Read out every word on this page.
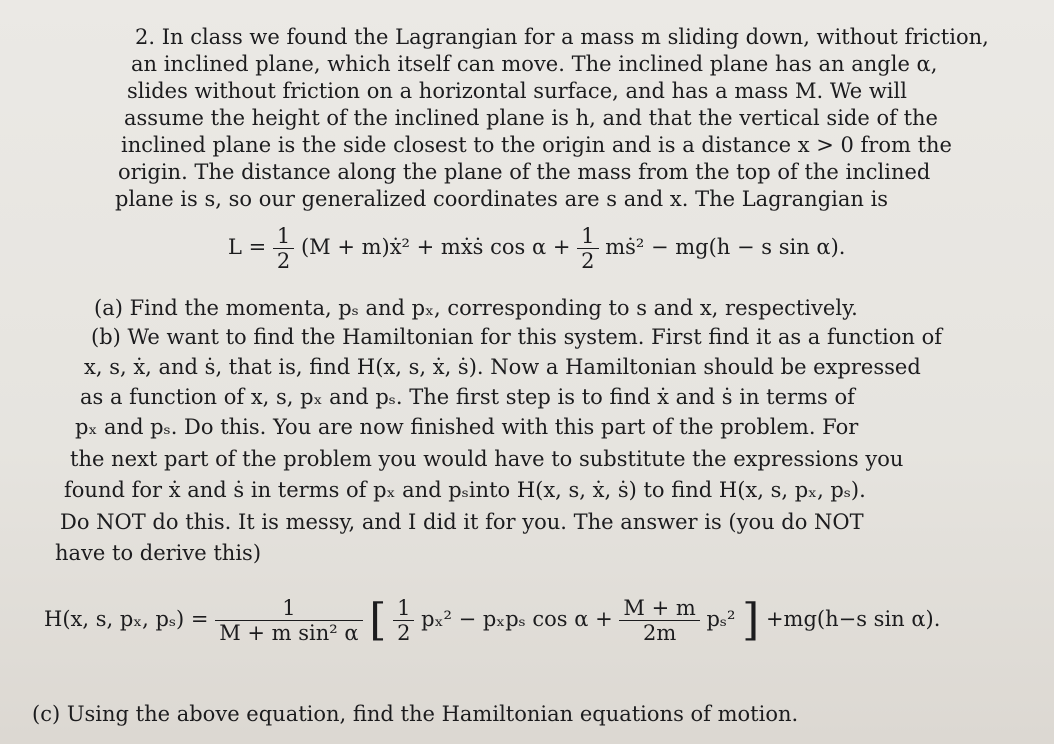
2. In class we found the Lagrangian for a mass m sliding down, without friction,
an inclined plane, which itself can move. The inclined plane has an angle α,
slides without friction on a horizontal surface, and has a mass M. We will
assume the height of the inclined plane is h, and that the vertical side of the
inclined plane is the side closest to the origin and is a distance x > 0 from the
origin. The distance along the plane of the mass from the top of the inclined
plane is s, so our generalized coordinates are s and x. The Lagrangian is
$L = \frac{1}{2} (M$ + m)ẋ² + mẋṡ $\cos \alpha + \frac{1}{2}$ mṡ² − mg(h − s sin α).
(a) Find the momenta, pₛ and pₓ, corresponding to s and x, respectively.
(b) We want to find the Hamiltonian for this system. First find it as a function of
x, s, ẋ, and ṡ, that is, find H(x, s, ẋ, ṡ). Now a Hamiltonian should be expressed
as a function of x, s, pₓ and pₛ. The first step is to find ẋ and ṡ in terms of
pₓ and pₛ. Do this. You are now finished with this part of the problem. For
the next part of the problem you would have to substitute the expressions you
found for ẋ and ṡ in terms of pₓ and pₛinto H(x, s, ẋ, ṡ) to find H(x, s, pₓ, pₛ).
Do NOT do this. It is messy, and I did it for you. The answer is (you do NOT
have to derive this)
H(x, s, pₓ, $p_s) = \frac{1}{\text{M + m sin² α}}$ [ $\frac{1}{2} p_x^2 - p_xp_s$ $\cos \alpha + \frac{M + m}{2m} p_s^2$ ] +mg(h−s sin α).
(c) Using the above equation, find the Hamiltonian equations of motion.
